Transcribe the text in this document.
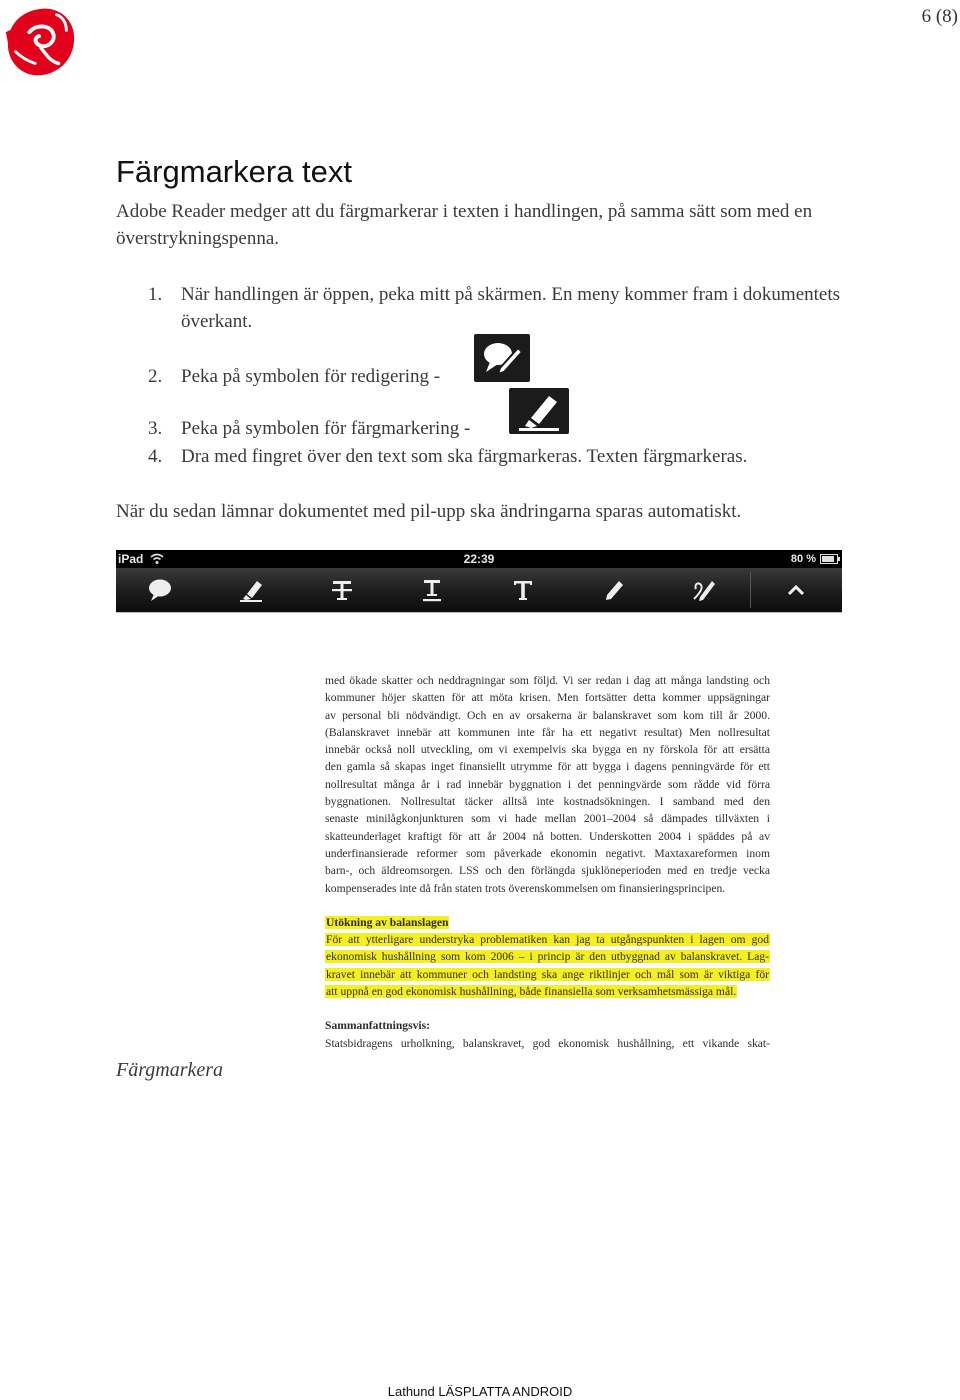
6 (8)
Färgmarkera text
Adobe Reader medger att du färgmarkerar i texten i handlingen, på samma sätt som med en överstrykningspenna.
1. När handlingen är öppen, peka mitt på skärmen. En meny kommer fram i dokumentets överkant.
2. Peka på symbolen för redigering -
3. Peka på symbolen för färgmarkering -
4. Dra med fingret över den text som ska färgmarkeras. Texten färgmarkeras.
När du sedan lämnar dokumentet med pil-upp ska ändringarna sparas automatiskt.
iPad	22:39	80 %

med ökade skatter och neddragningar som följd. Vi ser redan i dag att många landsting och

kommuner höjer skatten för att möta krisen. Men fortsätter detta kommer uppsägningar

av personal bli nödvändigt. Och en av orsakerna är balanskravet som kom till år 2000.

(Balanskravet innebär att kommunen inte får ha ett negativt resultat) Men nollresultat

innebär också noll utveckling, om vi exempelvis ska bygga en ny förskola för att ersätta

den gamla så skapas inget finansiellt utrymme för att bygga i dagens penningvärde för ett

nollresultat många år i rad innebär byggnation i det penningvärde som rådde vid förra

byggnationen. Nollresultat täcker alltså inte kostnadsökningen. I samband med den

senaste minilågkonjunkturen som vi hade mellan 2001–2004 så dämpades tillväxten i

skatteunderlaget kraftigt för att år 2004 nå botten. Underskotten 2004 i späddes på av

underfinansierade reformer som påverkade ekonomin negativt. Maxtaxareformen inom

barn-, och äldreomsorgen. LSS och den förlängda sjuklöneperioden med en tredje vecka

kompenserades inte då från staten trots överenskommelsen om finansieringsprincipen.

Utökning av balanslagen

För att ytterligare understryka problematiken kan jag ta utgångspunkten i lagen om god

ekonomisk hushållning som kom 2006 – i princip är den utbyggnad av balanskravet. Lag-

kravet innebär att kommuner och landsting ska ange riktlinjer och mål som är viktiga för

att uppnå en god ekonomisk hushållning, både finansiella som verksamhetsmässiga mål.

Sammanfattningsvis:

Statsbidragens urholkning, balanskravet, god ekonomisk hushållning, ett vikande skat-

Färgmarkera
Lathund LÄSPLATTA ANDROID
